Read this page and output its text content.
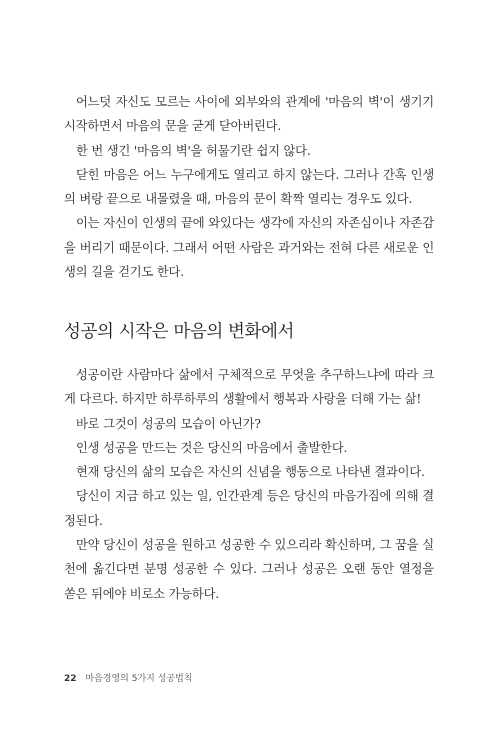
어느덧 자신도 모르는 사이에 외부와의 관계에 '마음의 벽'이 생기기 시작하면서 마음의 문을 굳게 닫아버린다.

한 번 생긴 '마음의 벽'을 허물기란 쉽지 않다.

닫힌 마음은 어느 누구에게도 열리고 하지 않는다. 그러나 간혹 인생의 벼랑 끝으로 내몰렸을 때, 마음의 문이 확짝 열리는 경우도 있다.

이는 자신이 인생의 끝에 와있다는 생각에 자신의 자존심이나 자존감을 버리기 때문이다. 그래서 어떤 사람은 과거와는 전혀 다른 새로운 인생의 길을 걷기도 한다.

성공의 시작은 마음의 변화에서

성공이란 사람마다 삶에서 구체적으로 무엇을 추구하느냐에 따라 크게 다르다. 하지만 하루하루의 생활에서 행복과 사랑을 더해 가는 삶!

바로 그것이 성공의 모습이 아닌가?

인생 성공을 만드는 것은 당신의 마음에서 출발한다.

현재 당신의 삶의 모습은 자신의 신념을 행동으로 나타낸 결과이다.

당신이 지금 하고 있는 일, 인간관계 등은 당신의 마음가짐에 의해 결정된다.

만약 당신이 성공을 원하고 성공한 수 있으리라 확신하며, 그 꿈을 실천에 옮긴다면 분명 성공한 수 있다. 그러나 성공은 오랜 동안 열정을 쏟은 뒤에야 비로소 가능하다.

22 마음경영의 5가지 성공법칙
